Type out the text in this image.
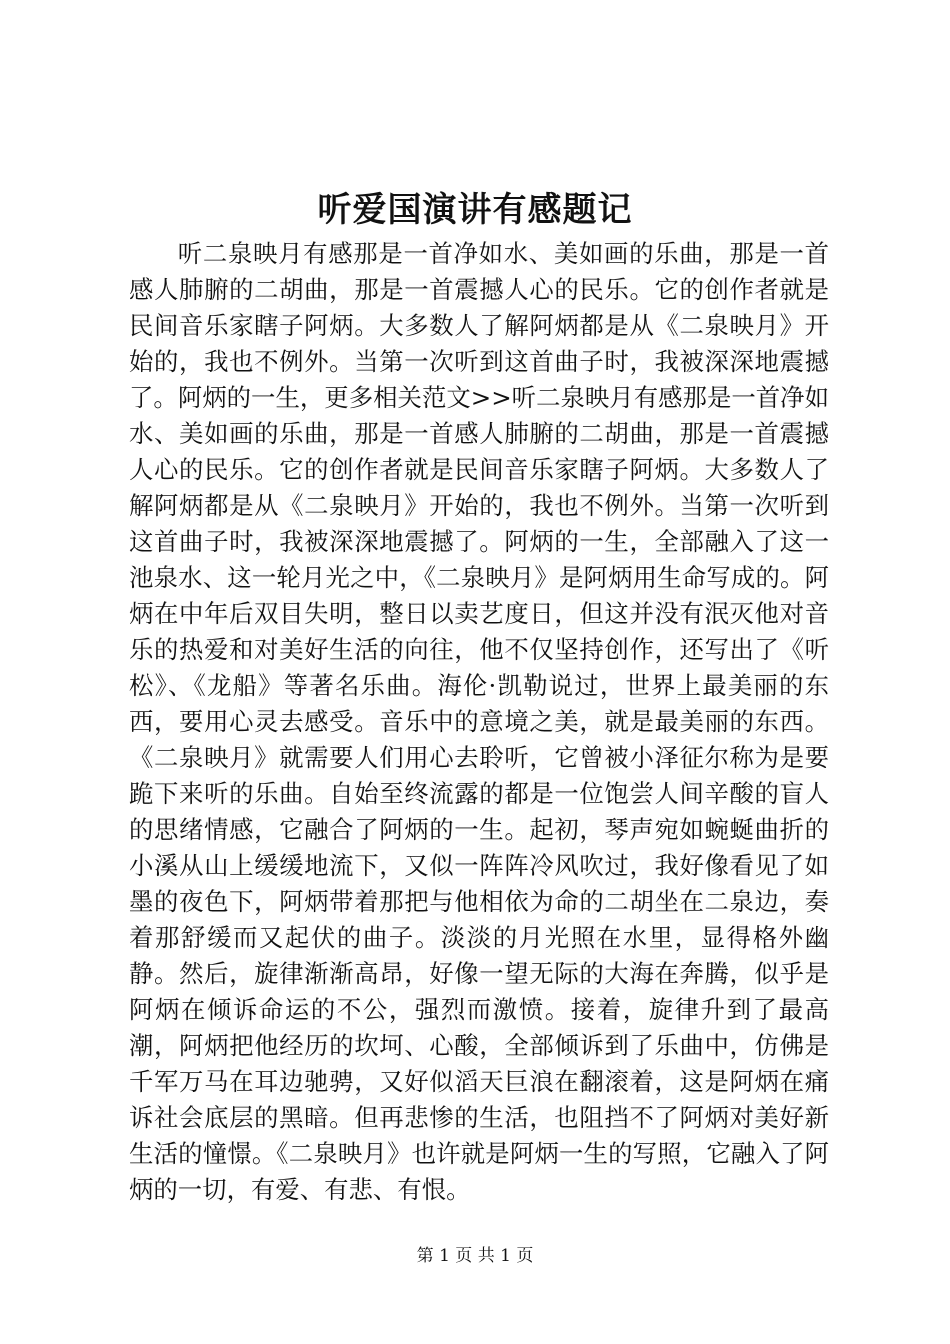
听爱国演讲有感题记

听二泉映月有感那是一首净如水、美如画的乐曲，那是一首感人肺腑的二胡曲，那是一首震撼人心的民乐。它的创作者就是民间音乐家瞎子阿炳。大多数人了解阿炳都是从《二泉映月》开始的，我也不例外。当第一次听到这首曲子时，我被深深地震撼了。阿炳的一生，更多相关范文>>听二泉映月有感那是一首净如水、美如画的乐曲，那是一首感人肺腑的二胡曲，那是一首震撼人心的民乐。它的创作者就是民间音乐家瞎子阿炳。大多数人了解阿炳都是从《二泉映月》开始的，我也不例外。当第一次听到这首曲子时，我被深深地震撼了。阿炳的一生，全部融入了这一池泉水、这一轮月光之中，《二泉映月》是阿炳用生命写成的。阿炳在中年后双目失明，整日以卖艺度日，但这并没有泯灭他对音乐的热爱和对美好生活的向往，他不仅坚持创作，还写出了《听松》、《龙船》等著名乐曲。海伦·凯勒说过，世界上最美丽的东西，要用心灵去感受。音乐中的意境之美，就是最美丽的东西。《二泉映月》就需要人们用心去聆听，它曾被小泽征尔称为是要跪下来听的乐曲。自始至终流露的都是一位饱尝人间辛酸的盲人的思绪情感，它融合了阿炳的一生。起初，琴声宛如蜿蜒曲折的小溪从山上缓缓地流下，又似一阵阵冷风吹过，我好像看见了如墨的夜色下，阿炳带着那把与他相依为命的二胡坐在二泉边，奏着那舒缓而又起伏的曲子。淡淡的月光照在水里，显得格外幽静。然后，旋律渐渐高昂，好像一望无际的大海在奔腾，似乎是阿炳在倾诉命运的不公，强烈而激愤。接着，旋律升到了最高潮，阿炳把他经历的坎坷、心酸，全部倾诉到了乐曲中，仿佛是千军万马在耳边驰骋，又好似滔天巨浪在翻滚着，这是阿炳在痛诉社会底层的黑暗。但再悲惨的生活，也阻挡不了阿炳对美好新生活的憧憬。《二泉映月》也许就是阿炳一生的写照，它融入了阿炳的一切，有爱、有悲、有恨。

第 1 页 共 1 页
